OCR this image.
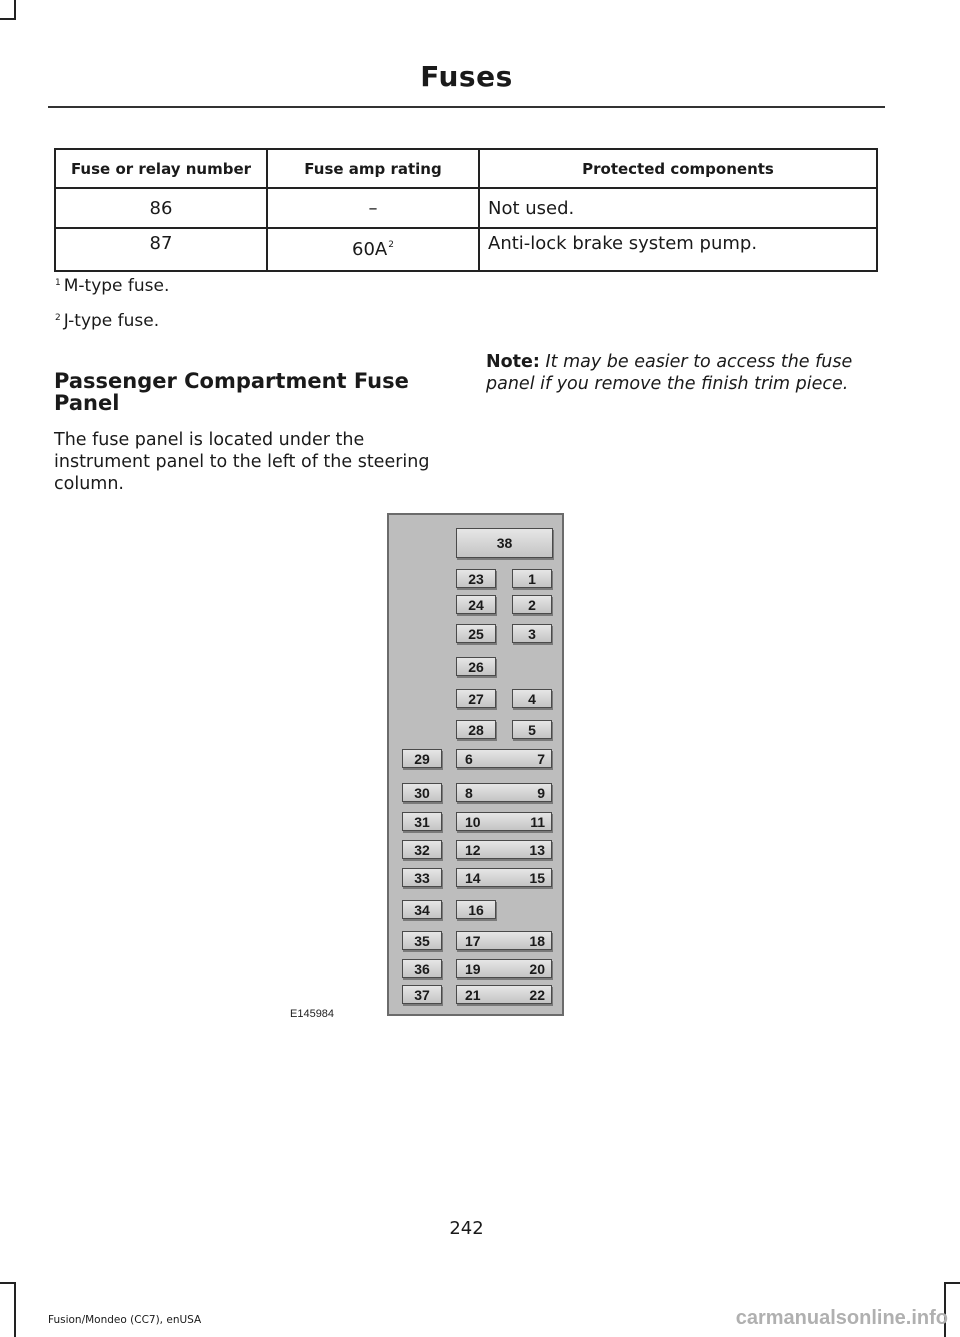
Fuses
Fuse or relay number	Fuse amp rating	Protected components
86	–	Not used.
87	$60A^2$	Anti-lock brake system pump.
$^1$ M-type fuse.
$^2$ J-type fuse.
Passenger Compartment Fuse Panel
The fuse panel is located under the instrument panel to the left of the steering column.
Note: It may be easier to access the fuse panel if you remove the finish trim piece.
38
23	1
24	2
25	3
26
27	4
28	5
29	6	7
30	8	9
31	10	11
32	12	13
33	14	15
34	16
35	17	18
36	19	20
37	21	22
E145984
242
Fusion/Mondeo (CC7), enUSA	carmanualsonline.info
